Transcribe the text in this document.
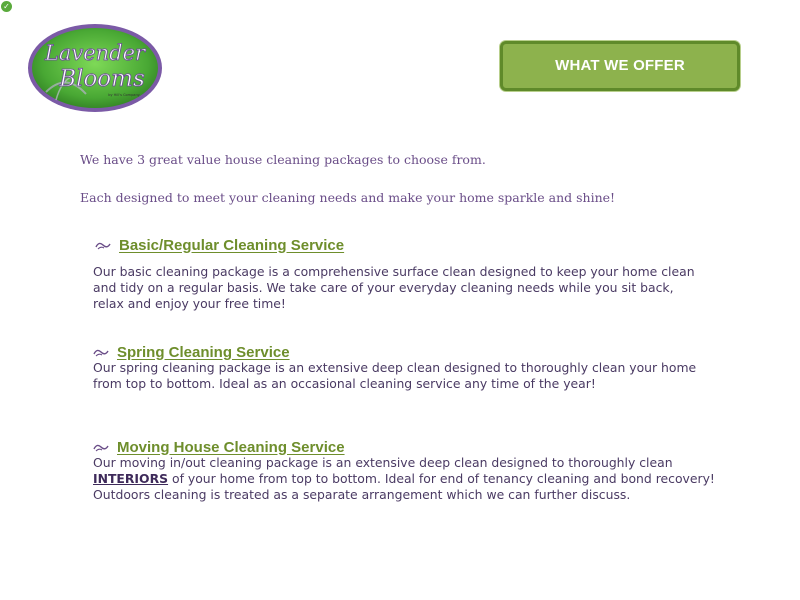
✓
Lavender
Blooms
by Hill's Company
WHAT WE OFFER
We have 3 great value house cleaning packages to choose from.
Each designed to meet your cleaning needs and make your home sparkle and shine!
Basic/Regular Cleaning Service
Our basic cleaning package is a comprehensive surface clean designed to keep your home clean
and tidy on a regular basis. We take care of your everyday cleaning needs while you sit back,
relax and enjoy your free time!
Spring Cleaning Service
Our spring cleaning package is an extensive deep clean designed to thoroughly clean your home
from top to bottom. Ideal as an occasional cleaning service any time of the year!
Moving House Cleaning Service
Our moving in/out cleaning package is an extensive deep clean designed to thoroughly clean
INTERIORS of your home from top to bottom. Ideal for end of tenancy cleaning and bond recovery!
Outdoors cleaning is treated as a separate arrangement which we can further discuss.
